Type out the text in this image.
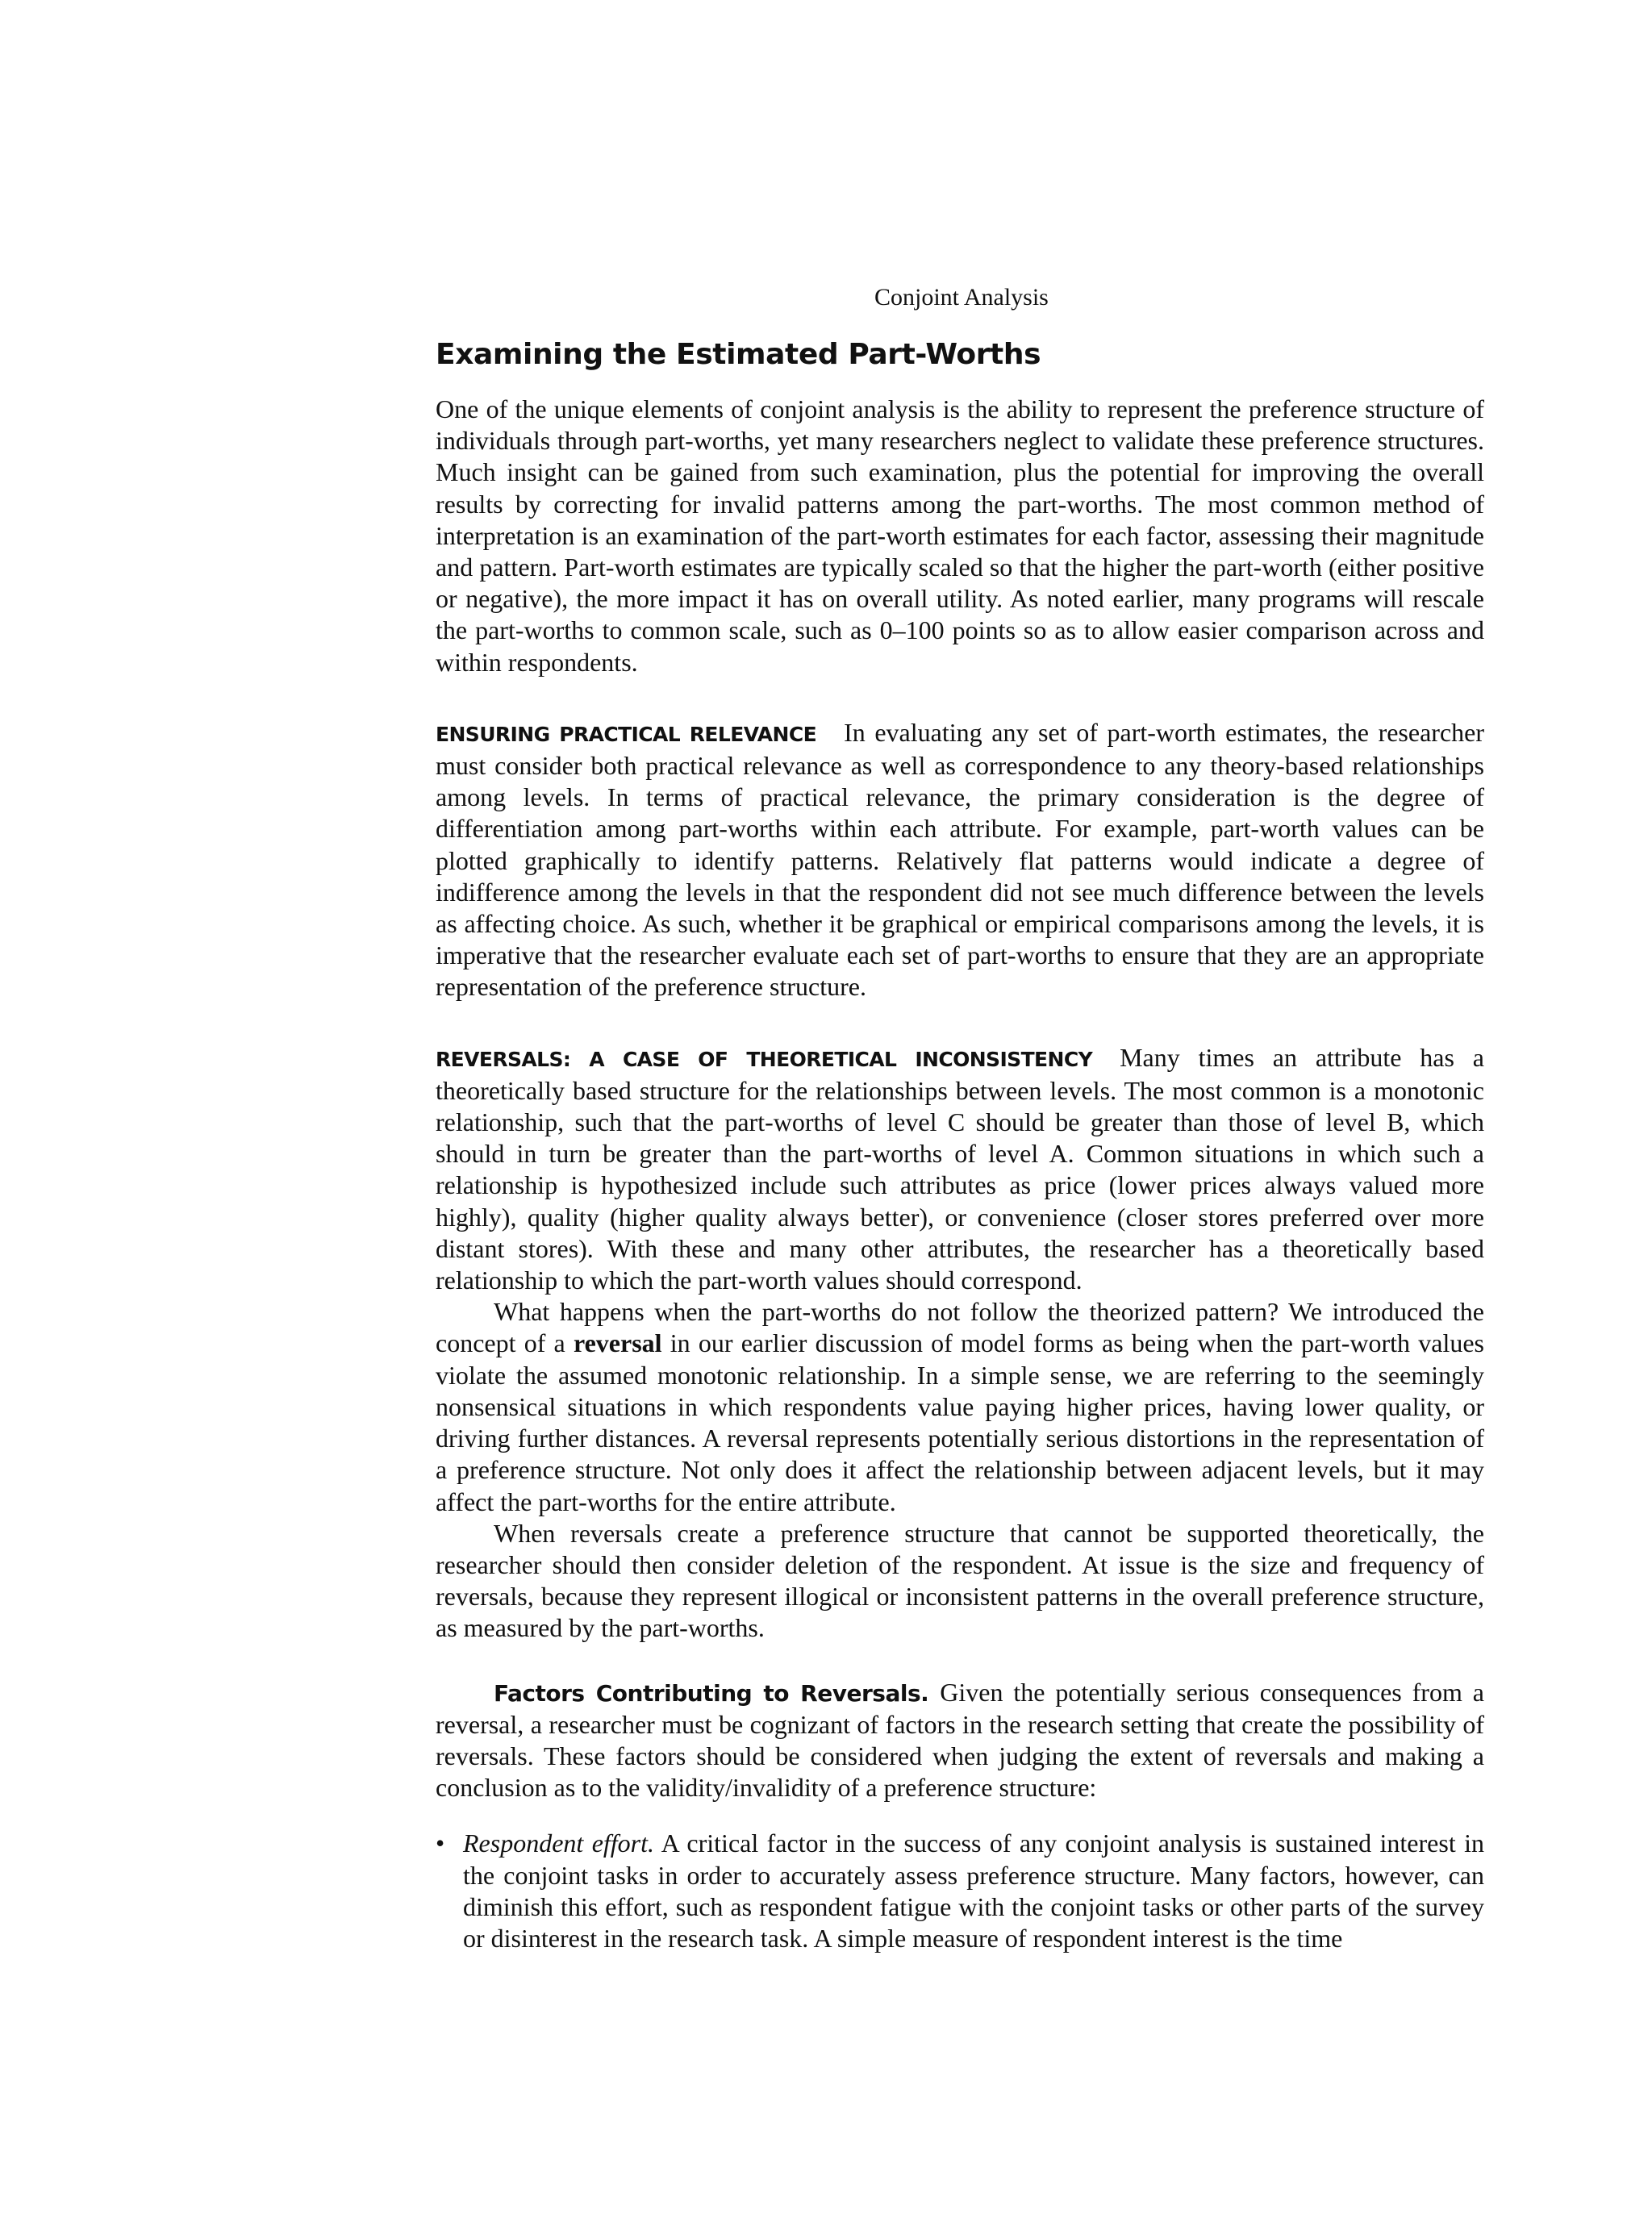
Conjoint Analysis
Examining the Estimated Part-Worths

One of the unique elements of conjoint analysis is the ability to represent the preference structure of individuals through part-worths, yet many researchers neglect to validate these preference structures. Much insight can be gained from such examination, plus the potential for improving the overall results by correcting for invalid patterns among the part-worths. The most common method of interpretation is an examination of the part-worth estimates for each factor, assessing their magnitude and pattern. Part-worth estimates are typically scaled so that the higher the part-worth (either positive or negative), the more impact it has on overall utility. As noted earlier, many programs will rescale the part-worths to common scale, such as 0–100 points so as to allow easier comparison across and within respondents.

ENSURING PRACTICAL RELEVANCE In evaluating any set of part-worth estimates, the researcher must consider both practical relevance as well as correspondence to any theory-based relationships among levels. In terms of practical relevance, the primary consideration is the degree of differentiation among part-worths within each attribute. For example, part-worth values can be plotted graphically to identify patterns. Relatively flat patterns would indicate a degree of indifference among the levels in that the respondent did not see much difference between the levels as affecting choice. As such, whether it be graphical or empirical comparisons among the levels, it is imperative that the researcher evaluate each set of part-worths to ensure that they are an appropriate representation of the preference structure.

REVERSALS: A CASE OF THEORETICAL INCONSISTENCY Many times an attribute has a theoretically based structure for the relationships between levels. The most common is a monotonic relationship, such that the part-worths of level C should be greater than those of level B, which should in turn be greater than the part-worths of level A. Common situations in which such a relationship is hypothesized include such attributes as price (lower prices always valued more highly), quality (higher quality always better), or convenience (closer stores preferred over more distant stores). With these and many other attributes, the researcher has a theoretically based relationship to which the part-worth values should correspond.

What happens when the part-worths do not follow the theorized pattern? We introduced the concept of a reversal in our earlier discussion of model forms as being when the part-worth values violate the assumed monotonic relationship. In a simple sense, we are referring to the seemingly nonsensical situations in which respondents value paying higher prices, having lower quality, or driving further distances. A reversal represents potentially serious distortions in the representation of a preference structure. Not only does it affect the relationship between adjacent levels, but it may affect the part-worths for the entire attribute.

When reversals create a preference structure that cannot be supported theoretically, the researcher should then consider deletion of the respondent. At issue is the size and frequency of reversals, because they represent illogical or inconsistent patterns in the overall preference structure, as measured by the part-worths.

Factors Contributing to Reversals. Given the potentially serious consequences from a reversal, a researcher must be cognizant of factors in the research setting that create the possibility of reversals. These factors should be considered when judging the extent of reversals and making a conclusion as to the validity/invalidity of a preference structure:

• Respondent effort. A critical factor in the success of any conjoint analysis is sustained interest in the conjoint tasks in order to accurately assess preference structure. Many factors, however, can diminish this effort, such as respondent fatigue with the conjoint tasks or other parts of the survey or disinterest in the research task. A simple measure of respondent interest is the time
